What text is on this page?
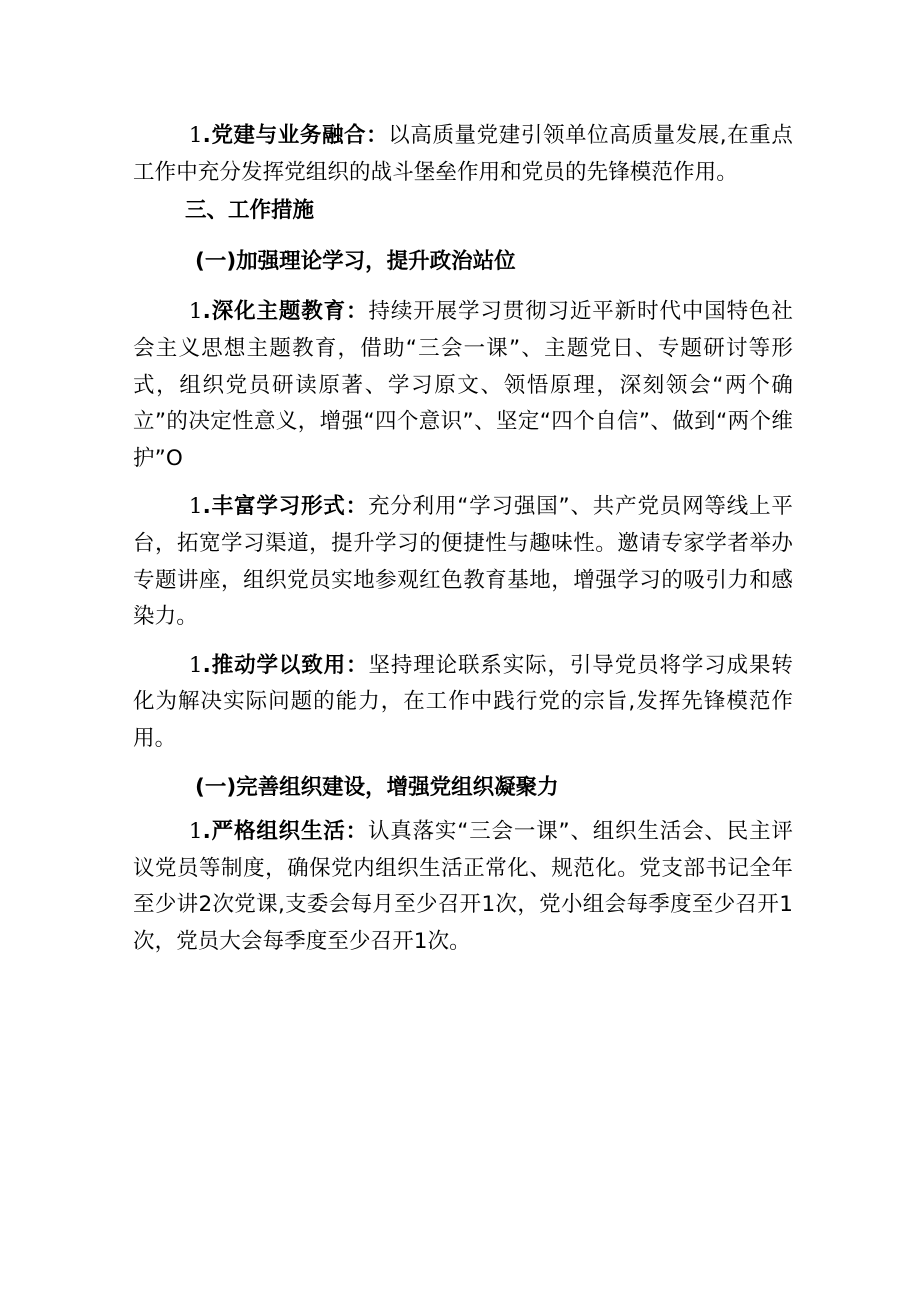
1.党建与业务融合：以高质量党建引领单位高质量发展,在重点工作中充分发挥党组织的战斗堡垒作用和党员的先锋模范作用。

三、工作措施
(一)加强理论学习，提升政治站位

1.深化主题教育：持续开展学习贯彻习近平新时代中国特色社会主义思想主题教育，借助“三会一课”、主题党日、专题研讨等形式，组织党员研读原著、学习原文、领悟原理，深刻领会“两个确立”的决定性意义，增强“四个意识”、坚定“四个自信”、做到“两个维护”O

1.丰富学习形式：充分利用“学习强国”、共产党员网等线上平台，拓宽学习渠道，提升学习的便捷性与趣味性。邀请专家学者举办专题讲座，组织党员实地参观红色教育基地，增强学习的吸引力和感染力。

1.推动学以致用：坚持理论联系实际，引导党员将学习成果转化为解决实际问题的能力，在工作中践行党的宗旨,发挥先锋模范作用。

(一)完善组织建设，增强党组织凝聚力

1.严格组织生活：认真落实“三会一课”、组织生活会、民主评议党员等制度，确保党内组织生活正常化、规范化。党支部书记全年至少讲2次党课,支委会每月至少召开1次，党小组会每季度至少召开1次，党员大会每季度至少召开1次。
